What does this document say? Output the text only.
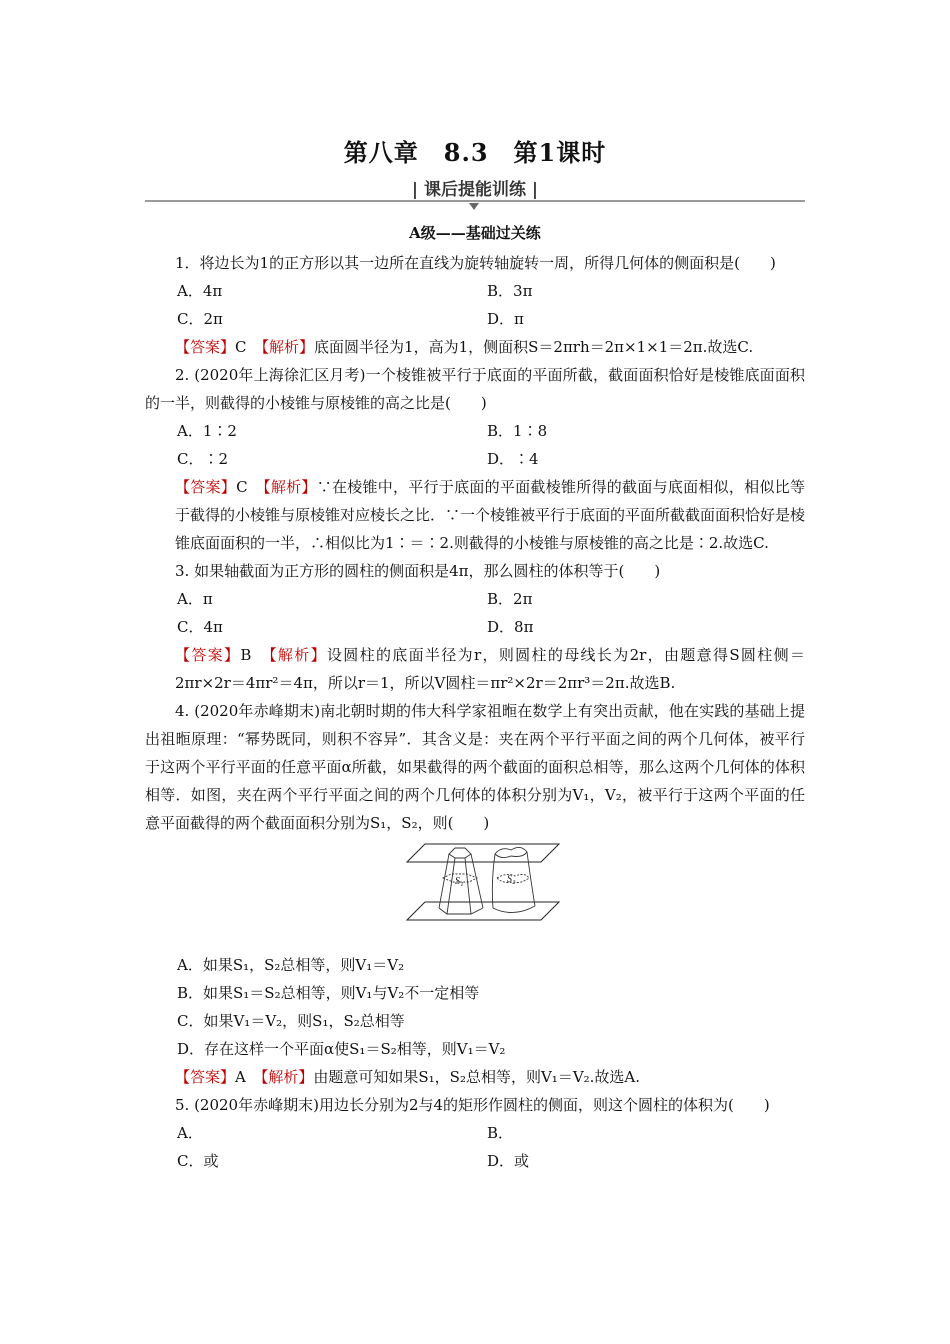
第八章　8.3　第1课时
| 课后提能训练 |
A级——基础过关练

1．将边长为1的正方形以其一边所在直线为旋转轴旋转一周，所得几何体的侧面积是(　　)

A．4π	B．3π
C．2π	D．π

【答案】C　 【解析】底面圆半径为1，高为1，侧面积S＝2πrh＝2π×1×1＝2π.故选C.

2. (2020年上海徐汇区月考)一个棱锥被平行于底面的平面所截，截面面积恰好是棱锥底面面积的一半，则截得的小棱锥与原棱锥的高之比是(　　)

A．1∶2	B．1∶8
C．∶2	D．∶4

【答案】C　 【解析】∵在棱锥中，平行于底面的平面截棱锥所得的截面与底面相似，相似比等于截得的小棱锥与原棱锥对应棱长之比．∵一个棱锥被平行于底面的平面所截截面面积恰好是棱锥底面面积的一半，∴相似比为1∶＝∶2.则截得的小棱锥与原棱锥的高之比是∶2.故选C.

3. 如果轴截面为正方形的圆柱的侧面积是4π，那么圆柱的体积等于(　　)

A．π	B．2π
C．4π	D．8π

【答案】B　 【解析】设圆柱的底面半径为r，则圆柱的母线长为2r，由题意得S圆柱侧＝2πr×2r＝4πr²＝4π，所以r＝1，所以V圆柱＝πr²×2r＝2πr³＝2π.故选B.

4. (2020年赤峰期末)南北朝时期的伟大科学家祖暅在数学上有突出贡献，他在实践的基础上提出祖暅原理：“幂势既同，则积不容异”．其含义是：夹在两个平行平面之间的两个几何体，被平行于这两个平行平面的任意平面α所截，如果截得的两个截面的面积总相等，那么这两个几何体的体积相等．如图，夹在两个平行平面之间的两个几何体的体积分别为V₁，V₂，被平行于这两个平面的任意平面截得的两个截面面积分别为S₁，S₂，则(　　)

S₁	S₂

A．如果S₁，S₂总相等，则V₁＝V₂

B．如果S₁＝S₂总相等，则V₁与V₂不一定相等

C．如果V₁＝V₂，则S₁，S₂总相等

D．存在这样一个平面α使S₁＝S₂相等，则V₁＝V₂

【答案】A　 【解析】由题意可知如果S₁，S₂总相等，则V₁＝V₂.故选A.

5. (2020年赤峰期末)用边长分别为2与4的矩形作圆柱的侧面，则这个圆柱的体积为(　　)

A．	B．
C．或	D．或
